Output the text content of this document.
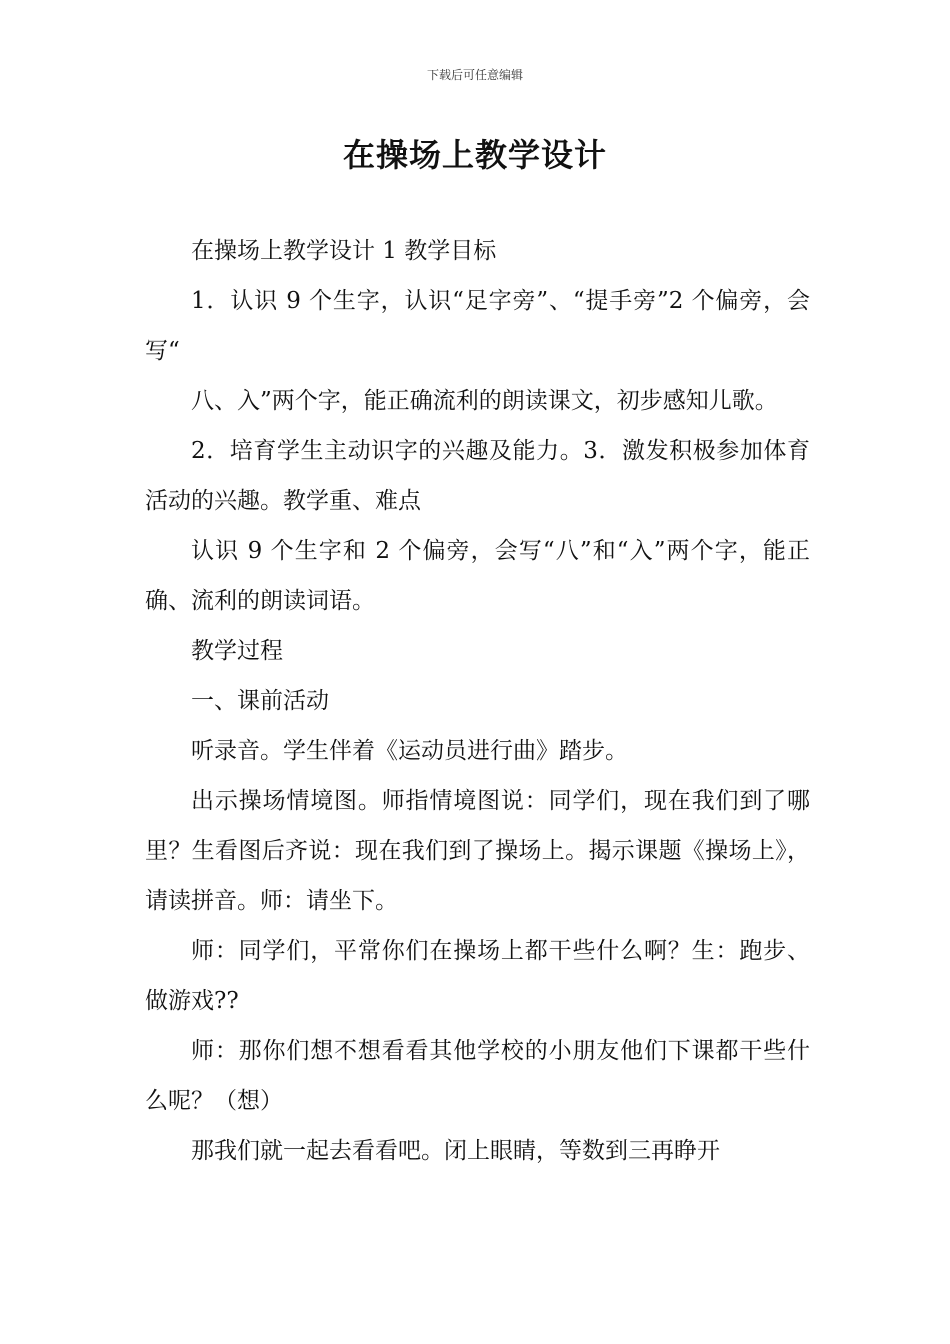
下载后可任意编辑
在操场上教学设计

在操场上教学设计 1 教学目标

1．认识 9 个生字，认识“足字旁”、“提手旁”2 个偏旁，会写“

八、入”两个字，能正确流利的朗读课文，初步感知儿歌。

2．培育学生主动识字的兴趣及能力。3．激发积极参加体育活动的兴趣。教学重、难点

认识 9 个生字和 2 个偏旁，会写“八”和“入”两个字，能正确、流利的朗读词语。

教学过程

一、课前活动

听录音。学生伴着《运动员进行曲》踏步。

出示操场情境图。师指情境图说：同学们，现在我们到了哪里？生看图后齐说：现在我们到了操场上。揭示课题《操场上》，请读拼音。师：请坐下。

师：同学们，平常你们在操场上都干些什么啊？生：跑步、做游戏??

师：那你们想不想看看其他学校的小朋友他们下课都干些什么呢？（想）

那我们就一起去看看吧。闭上眼睛，等数到三再睁开
